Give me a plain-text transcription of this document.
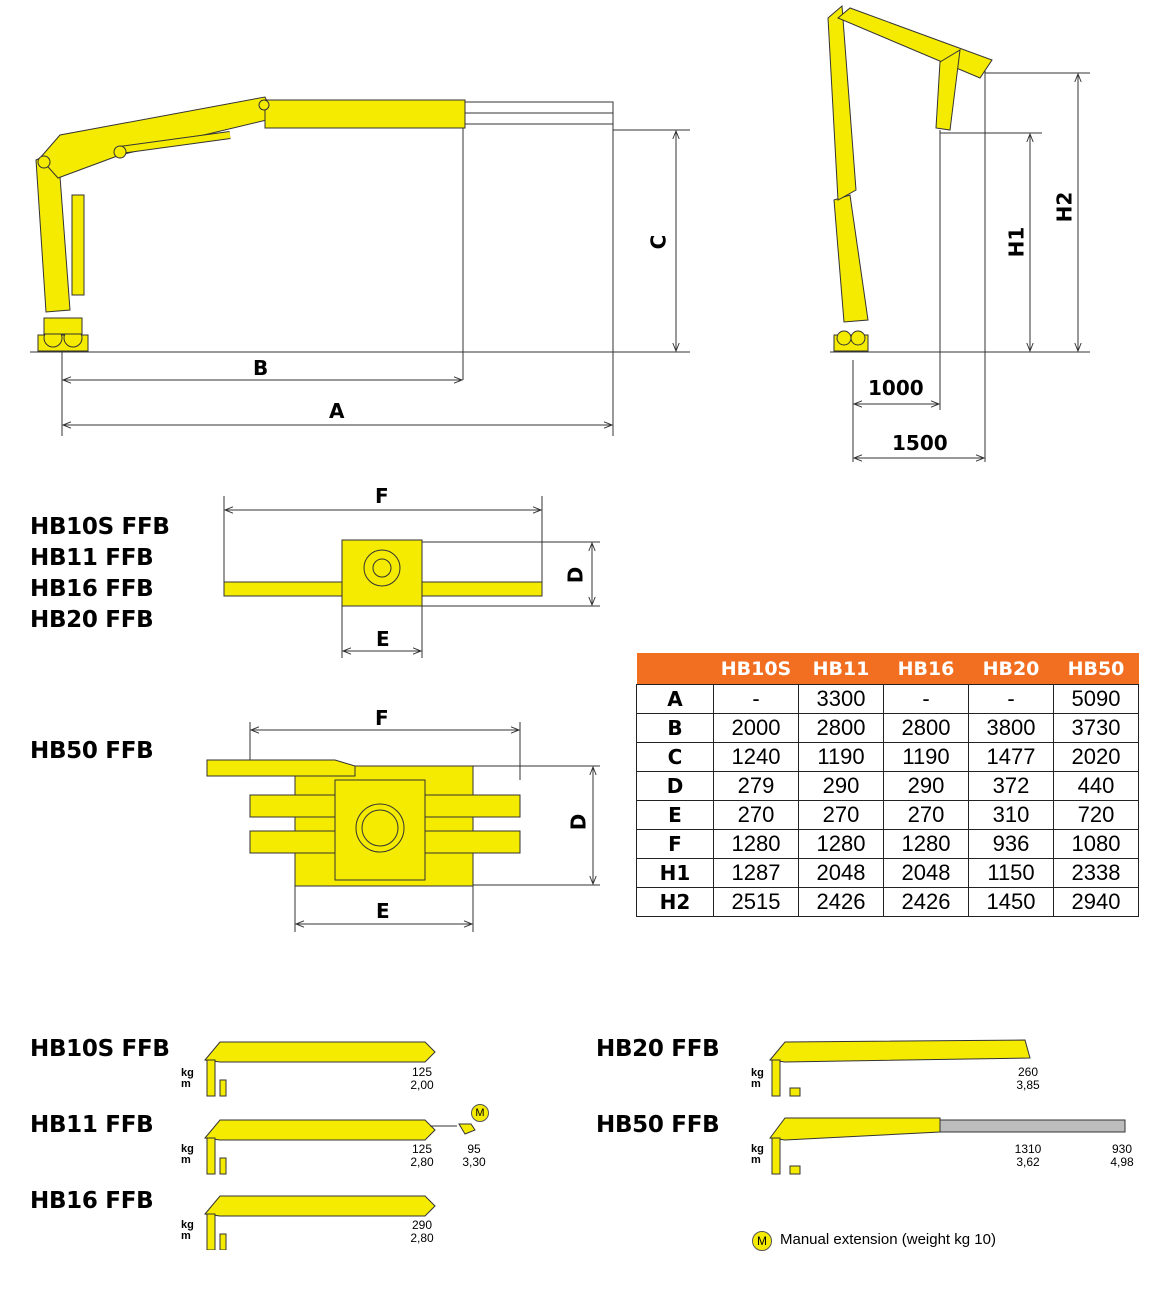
B
A
C	H1
H2
1000
1500
HB10S FFB
HB11 FFB
HB16 FFB
HB20 FFB
F
D
E
HB50 FFB
F
D
E
	HB10S	HB11	HB16	HB20	HB50
A	-	3300	-	-	5090
B	2000	2800	2800	3800	3730
C	1240	1190	1190	1477	2020
D	279	290	290	372	440
E	270	270	270	310	720
F	1280	1280	1280	936	1080
H1	1287	2048	2048	1150	2338
H2	2515	2426	2426	1450	2940
HB10S FFB
HB11 FFB
HB16 FFB
HB20 FFB
HB50 FFB
kg
m
kg
m
kg
m
kg
m
kg
m
125
2,00
125
2,80
95
3,30
290
2,80
260
3,85
1310
3,62
930
4,98
M
M Manual extension (weight kg 10)
